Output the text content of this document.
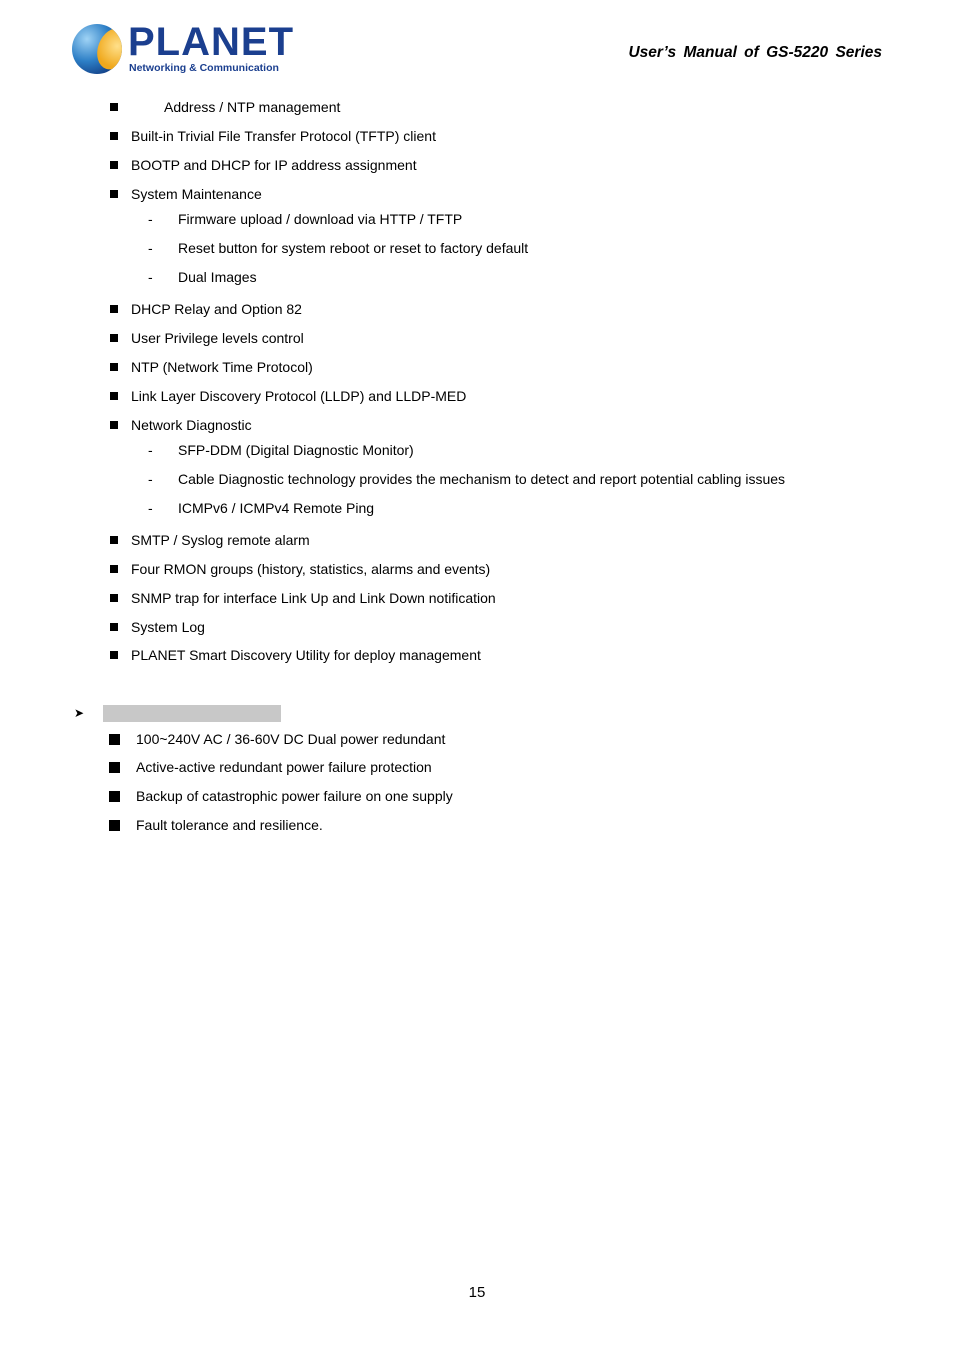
PLANET
Networking & Communication
User’s Manual of GS-5220 Series
Address / NTP management
Built-in Trivial File Transfer Protocol (TFTP) client
BOOTP and DHCP for IP address assignment
System Maintenance
- Firmware upload / download via HTTP / TFTP
- Reset button for system reboot or reset to factory default
- Dual Images
DHCP Relay and Option 82
User Privilege levels control
NTP (Network Time Protocol)
Link Layer Discovery Protocol (LLDP) and LLDP-MED
Network Diagnostic
- SFP-DDM (Digital Diagnostic Monitor)
- Cable Diagnostic technology provides the mechanism to detect and report potential cabling issues
- ICMPv6 / ICMPv4 Remote Ping
SMTP / Syslog remote alarm
Four RMON groups (history, statistics, alarms and events)
SNMP trap for interface Link Up and Link Down notification
System Log
PLANET Smart Discovery Utility for deploy management
➤
100~240V AC / 36-60V DC Dual power redundant
Active-active redundant power failure protection
Backup of catastrophic power failure on one supply
Fault tolerance and resilience.
15
